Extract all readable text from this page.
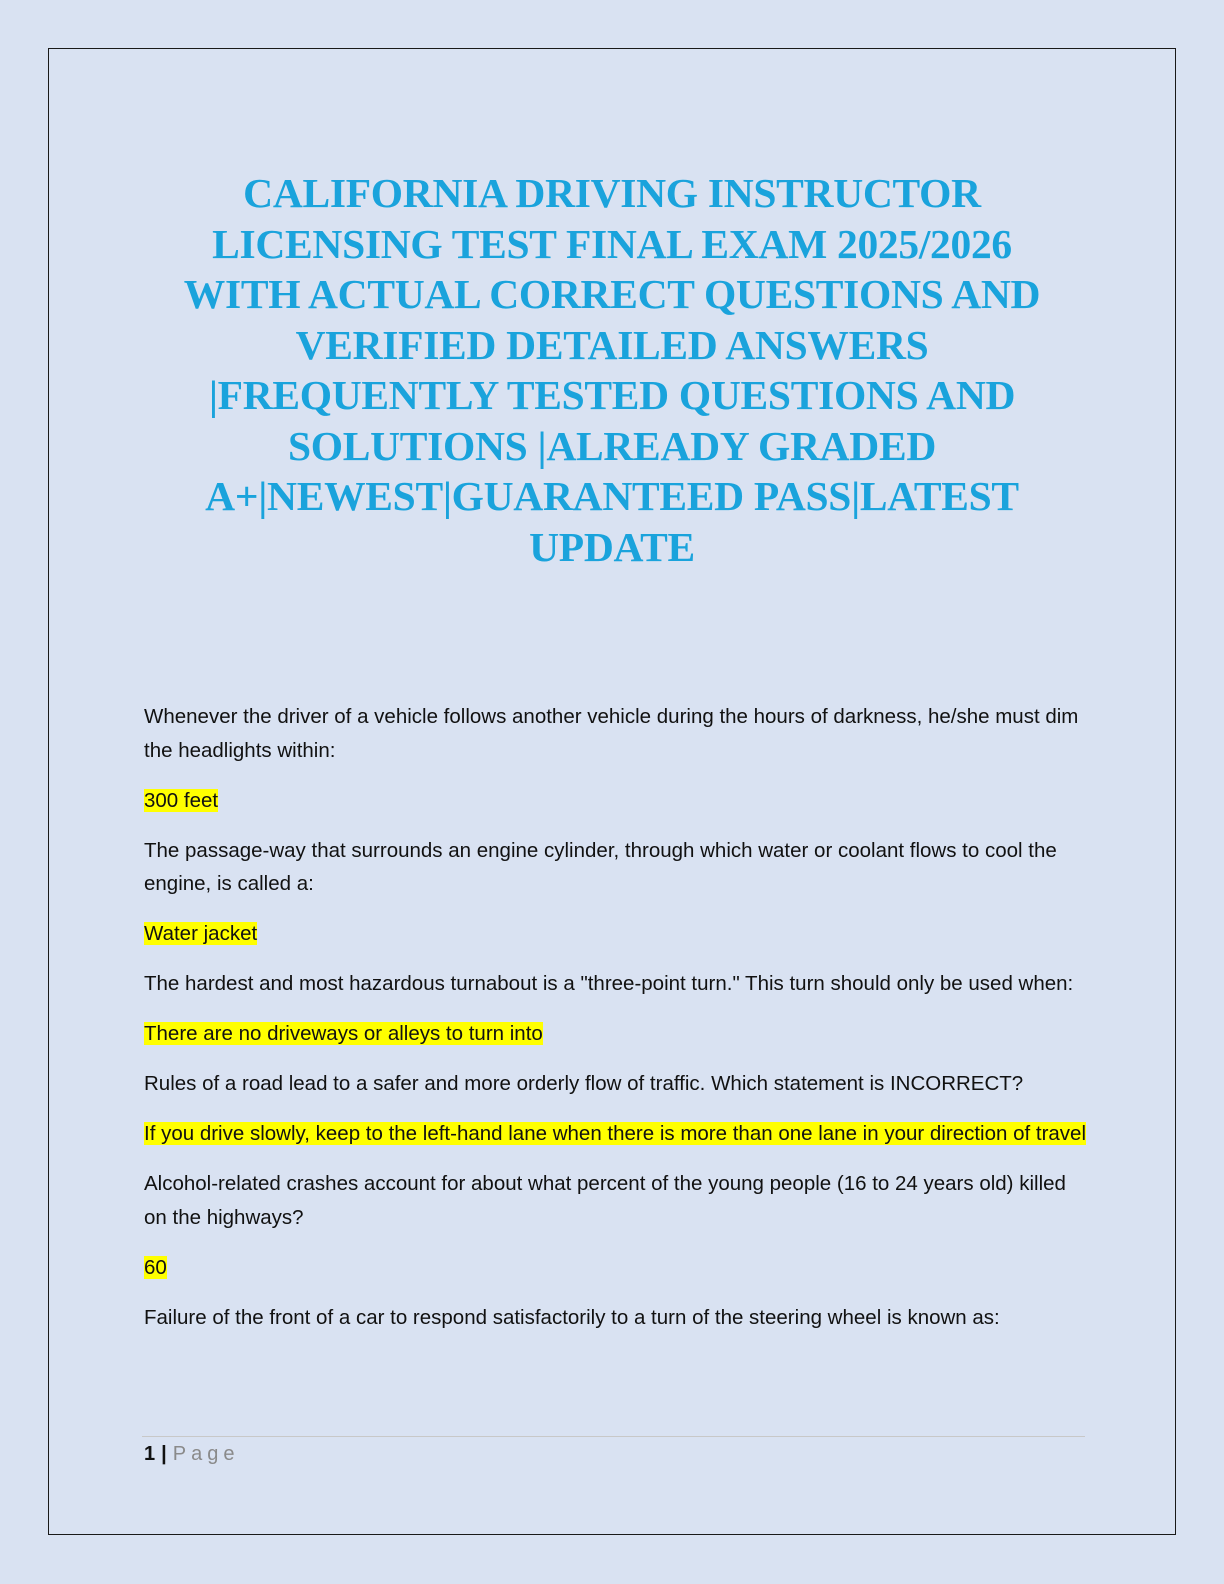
CALIFORNIA DRIVING INSTRUCTOR
LICENSING TEST FINAL EXAM 2025/2026
WITH ACTUAL CORRECT QUESTIONS AND
VERIFIED DETAILED ANSWERS
|FREQUENTLY TESTED QUESTIONS AND
SOLUTIONS |ALREADY GRADED
A+|NEWEST|GUARANTEED PASS|LATEST
UPDATE

Whenever the driver of a vehicle follows another vehicle during the hours of darkness, he/she must dim the headlights within:

300 feet

The passage-way that surrounds an engine cylinder, through which water or coolant flows to cool the engine, is called a:

Water jacket

The hardest and most hazardous turnabout is a "three-point turn." This turn should only be used when:

There are no driveways or alleys to turn into

Rules of a road lead to a safer and more orderly flow of traffic. Which statement is INCORRECT?

If you drive slowly, keep to the left-hand lane when there is more than one lane in your direction of travel

Alcohol-related crashes account for about what percent of the young people (16 to 24 years old) killed on the highways?

60

Failure of the front of a car to respond satisfactorily to a turn of the steering wheel is known as:

1 | Page
